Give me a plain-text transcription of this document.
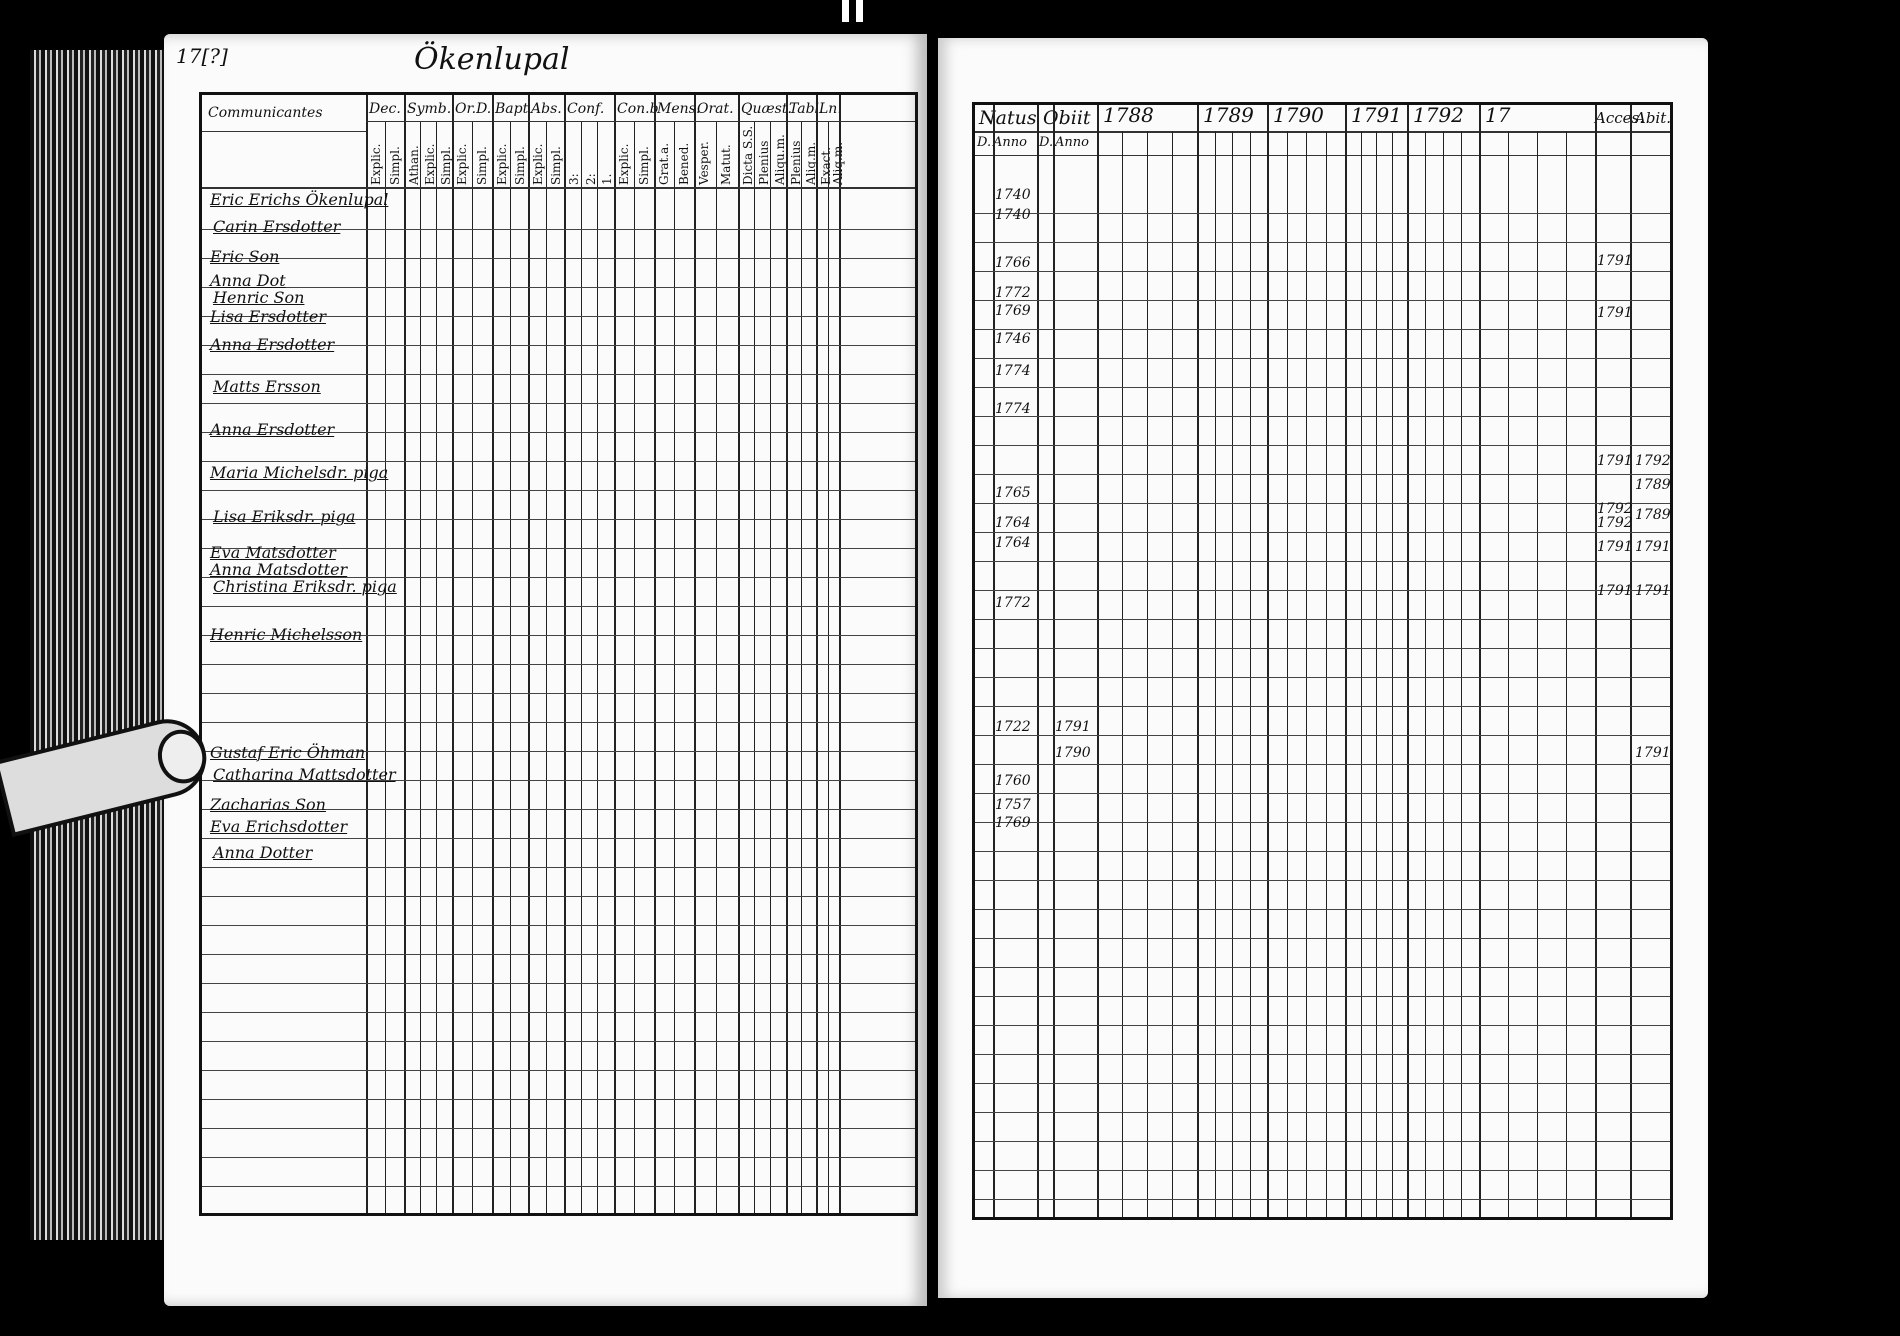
17[?]	Ökenlupal
Communicantes	Dec.
Explic. Simpl.
Symb.
Athan. Explic. Simpl.
Or.D.
Explic. Simpl.
Bapt
Explic. Simpl.
Abs.
Explic. Simpl.
Conf.
3: 2: 1.
Con.b
Explic. Simpl.
Mens.
Grat.a. Bened.
Orat.
Vesper. Matut.
Quæst.
Dicta S.S. Plenius Aliqu.m.
Tabl.
Plenius Aliq.m.
Ln.
Exact.
Aliq.m.
Eric Erichs Ökenlupal
Carin Ersdotter
Eric Son
Anna Dot
Henric Son
Lisa Ersdotter
Anna Ersdotter
Matts Ersson
Anna Ersdotter
Maria Michelsdr. piga
Lisa Eriksdr. piga
Eva Matsdotter
Anna Matsdotter
Christina Eriksdr. piga
Henric Michelsson
Gustaf Eric Öhman
Catharina Mattsdotter
Zacharias Son
Eva Erichsdotter
Anna Dotter
Natus Obiit
D. Anno D. Anno
Acces.
Abit.
1788 1789 1790 1791 1792 17
1740
1740
1766
1772
1769
1746
1774
1774
1765
1764
1764
1772
1722
1760
1757
1769
1791
1790
1791
1791
1791
1792
1792
1791
1791
1792
1789
1789
1791
1791
1791
